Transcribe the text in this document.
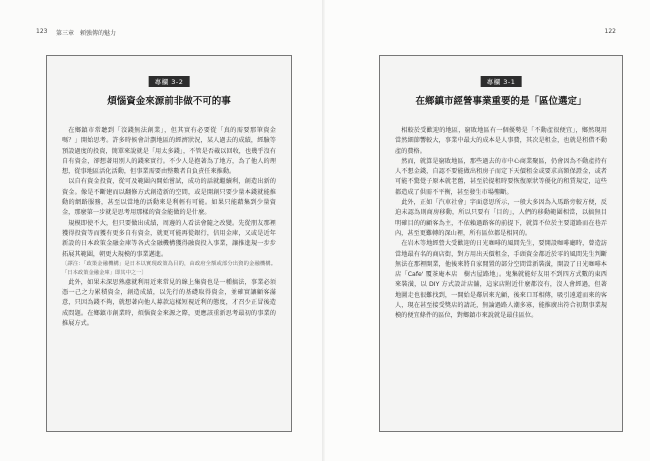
123 第三章 頼強傳的魅力
專欄 3-2
煩惱資金來源前非做不可的事

在鄉鎮市常聽到「沒錢無法創業」，但其實有必要從「真的需要那筆資金嗎？」開始思考。許多時候會計劃地區的經濟狀況，某人過去的成績，經驗等預設過度的投資，簡單來說就是「用太多錢」，不管是否載以回收，也幾乎沒有自有資金，卻想著用別人的錢來實行。不少人是抱著為了地方，為了他人的理想，從事地區活化活動，但事業需要由整數者自負責任來推動。

以自有資金投資，從可及範圍內開始嘗試，成功的話就繼續利，創造出新的資金。像是不斷建而以翻修方式創造新的空間，或是開創只要少量本錢就能推動的網路服務，甚至以當地的活動來是利輕有可能。如果只能藉集到少量資金，那麼第一步就是思考用那樣的資金能做的是什麼。

規模即使不大，但只要做出成績，周邊的人看法會隨之改變。先從朋友那裡獲得投資等而獲有更多自有資金，就更可能再從銀行，信用金庫，又或是近年新設的日本政策金融金庫等各式金融機構獲得融資投入事業，讓推進規一步步拓展其範圍，朝更大規模的事業邁進。

〔譯注：「政策金融機構」是日本以實現政策為目的，由政府全額或部分出資的金融機構。「日本政策金融金庫」即其中之一〕

此外，如果未深思熟慮就利用近來常見的線上集資也是一種搞法，事業必須憑一己之力累積資金，創造成績，以先行的基礎取得資金，並確實讓顧客滿意，只因為錢不夠，就想著向他人募款這樣短視近利的態度，才召少正冒後造成問題。在鄉鎮市創業時，煩惱資金來源之際，更應該重新思考最初的事業的推展方式。

122
專欄 3-1
在鄉鎮市經營事業重要的是「區位選定」

相較於受歡迎的地區，窮敗地區有一個優勢是「不動產很便宜」，鄉然現用當然細節響較大，事業中最大的成本是人事費，其次是租金，也就是租借不動產的費格。

然而，就算是窮敗地區，那些過去的市中心商業聚區，仍會因為不動產持有人不想金錢，自認不要能做出租房子而定下天價租金或要求高額保證金，或者可能不驚覺子原本就老舊，甚至於提租時要恢復原狀等優化的租賃規定，這些都造成了供需不平衡，甚至發生市場壟斷。

此外，正如「汽車社會」字面意思所示，一般大多因為入馬路旁較方便，反迫未認為則商房移動，所以只要有「目的」，人們的移動範圍相當，以搞無目明確目的的顧客為主，不依賴過路客的前提下，就算不位於主要道路而在巷弄內，甚至更難轉的深山裡，所有區位都是相同的。

在岩木等地經營大受歡迎的日光咖啡的風間先生，要開設咖啡廳時，曾造訪當地最有名的商店街，對方用出天價租金，手頭資金都近於零的風間先生判斷無法在那裡開業，他後來將自家閒置的部分空間當新裝潢，開設了日光咖啡本店「Cafe' 覆茶庵本店　樹古屋路地」。鬼集就能好友用不到四方式數的東西來裝潢，以 DIY 方式設計店舖，這家店附近什麼都沒有，沒人會經過，但著地圖走也很難找到，一開始是鄰居來光顧，後來口耳相傳，吸引遠道而來的客人，現在甚至接受獎店的請託，無論過路人潮多寡，能推廣出符合初期事業規模的便宜條件的區位，對鄉鎮市來說就是最佳區位。
